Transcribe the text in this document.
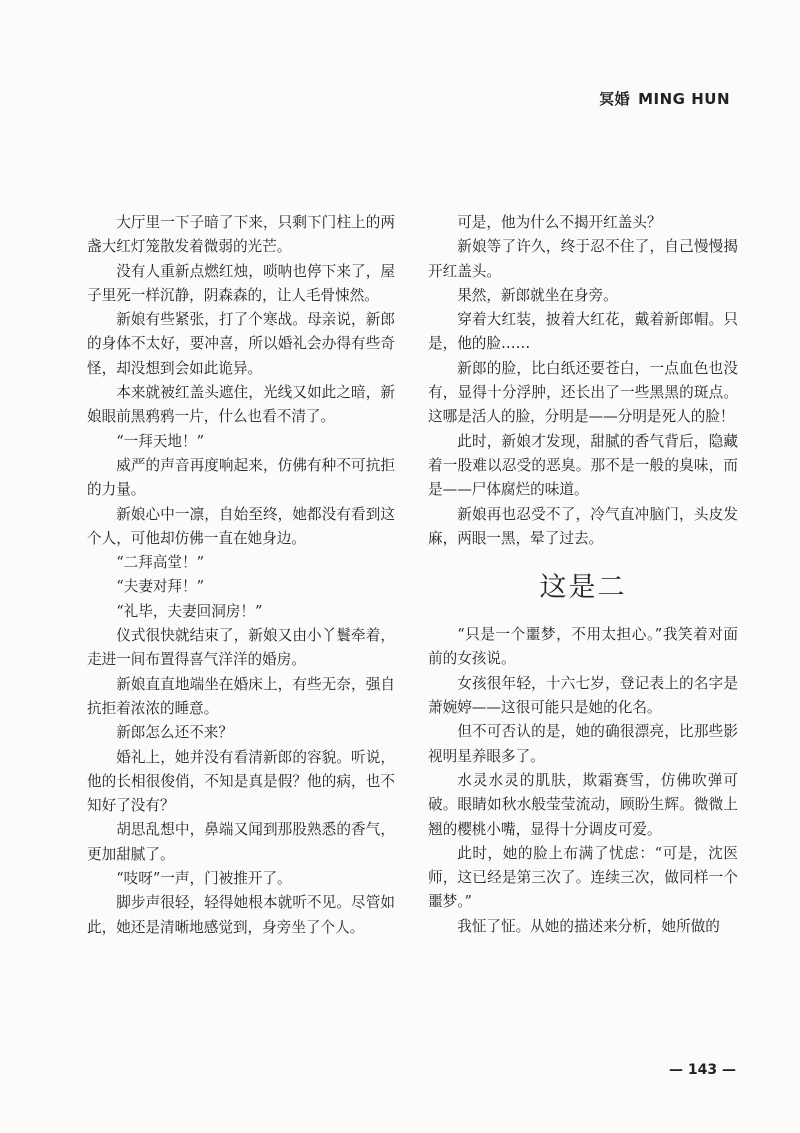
冥婚 MING HUN

大厅里一下子暗了下来，只剩下门柱上的两盏大红灯笼散发着微弱的光芒。

没有人重新点燃红烛，唢呐也停下来了，屋子里死一样沉静，阴森森的，让人毛骨悚然。

新娘有些紧张，打了个寒战。母亲说，新郎的身体不太好，要冲喜，所以婚礼会办得有些奇怪，却没想到会如此诡异。

本来就被红盖头遮住，光线又如此之暗，新娘眼前黑鸦鸦一片，什么也看不清了。

“一拜天地！”

威严的声音再度响起来，仿佛有种不可抗拒的力量。

新娘心中一凛，自始至终，她都没有看到这个人，可他却仿佛一直在她身边。

“二拜高堂！”

“夫妻对拜！”

“礼毕，夫妻回洞房！”

仪式很快就结束了，新娘又由小丫鬟牵着，走进一间布置得喜气洋洋的婚房。

新娘直直地端坐在婚床上，有些无奈，强自抗拒着浓浓的睡意。

新郎怎么还不来？

婚礼上，她并没有看清新郎的容貌。听说，他的长相很俊俏，不知是真是假？他的病，也不知好了没有？

胡思乱想中，鼻端又闻到那股熟悉的香气，更加甜腻了。

“吱呀”一声，门被推开了。

脚步声很轻，轻得她根本就听不见。尽管如此，她还是清晰地感觉到，身旁坐了个人。

可是，他为什么不揭开红盖头？

新娘等了许久，终于忍不住了，自己慢慢揭开红盖头。

果然，新郎就坐在身旁。

穿着大红装，披着大红花，戴着新郎帽。只是，他的脸……

新郎的脸，比白纸还要苍白，一点血色也没有，显得十分浮肿，还长出了一些黑黑的斑点。这哪是活人的脸，分明是——分明是死人的脸！

此时，新娘才发现，甜腻的香气背后，隐藏着一股难以忍受的恶臭。那不是一般的臭味，而是——尸体腐烂的味道。

新娘再也忍受不了，冷气直冲脑门，头皮发麻，两眼一黑，晕了过去。

这是二

“只是一个噩梦，不用太担心。”我笑着对面前的女孩说。

女孩很年轻，十六七岁，登记表上的名字是萧婉婷——这很可能只是她的化名。

但不可否认的是，她的确很漂亮，比那些影视明星养眼多了。

水灵水灵的肌肤，欺霜赛雪，仿佛吹弹可破。眼睛如秋水般莹莹流动，顾盼生辉。微微上翘的樱桃小嘴，显得十分调皮可爱。

此时，她的脸上布满了忧虑：“可是，沈医师，这已经是第三次了。连续三次，做同样一个噩梦。”

我怔了怔。从她的描述来分析，她所做的

— 143 —
